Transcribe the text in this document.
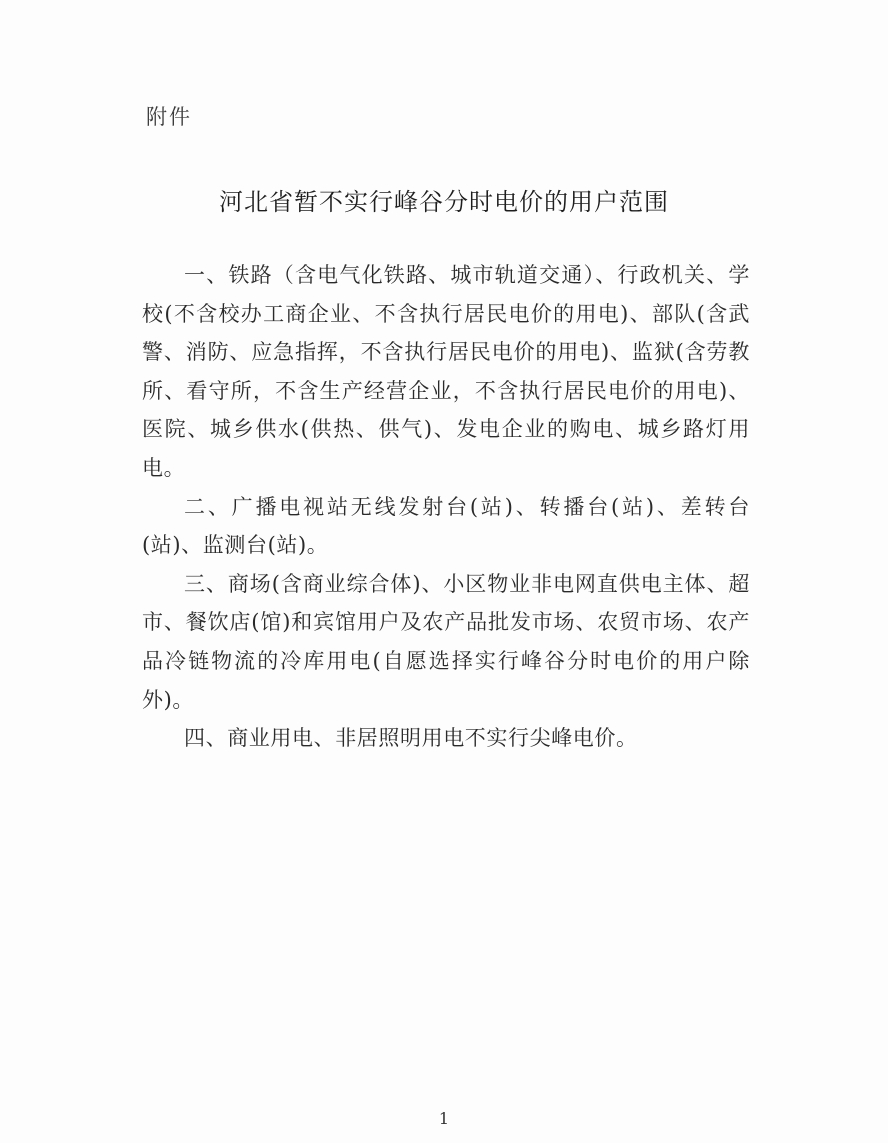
附件
河北省暂不实行峰谷分时电价的用户范围

一、铁路（含电气化铁路、城市轨道交通）、行政机关、学校(不含校办工商企业、不含执行居民电价的用电)、部队(含武警、消防、应急指挥，不含执行居民电价的用电)、监狱(含劳教所、看守所，不含生产经营企业，不含执行居民电价的用电)、医院、城乡供水(供热、供气)、发电企业的购电、城乡路灯用电。

二、广播电视站无线发射台(站)、转播台(站)、差转台(站)、监测台(站)。

三、商场(含商业综合体)、小区物业非电网直供电主体、超市、餐饮店(馆)和宾馆用户及农产品批发市场、农贸市场、农产品冷链物流的冷库用电(自愿选择实行峰谷分时电价的用户除外)。

四、商业用电、非居照明用电不实行尖峰电价。

1
